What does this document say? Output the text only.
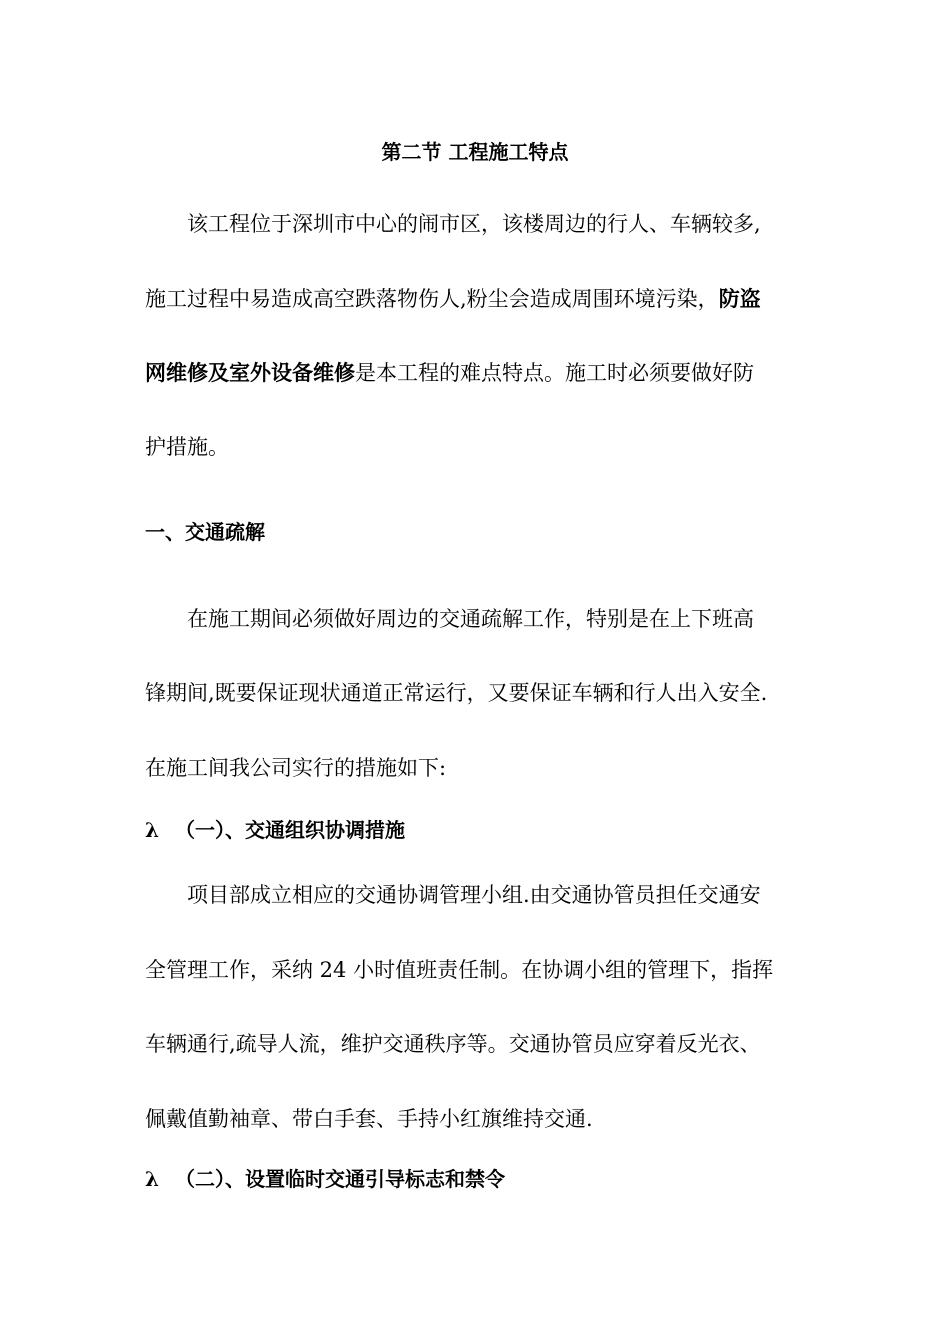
第二节 工程施工特点
该工程位于深圳市中心的闹市区，该楼周边的行人、车辆较多,
施工过程中易造成高空跌落物伤人,粉尘会造成周围环境污染，防盗
网维修及室外设备维修是本工程的难点特点。施工时必须要做好防
护措施。
一、交通疏解
在施工期间必须做好周边的交通疏解工作，特别是在上下班高
锋期间,既要保证现状通道正常运行，又要保证车辆和行人出入安全.
在施工间我公司实行的措施如下:
λ （一）、交通组织协调措施
项目部成立相应的交通协调管理小组.由交通协管员担任交通安
全管理工作，采纳 24 小时值班责任制。在协调小组的管理下，指挥
车辆通行,疏导人流，维护交通秩序等。交通协管员应穿着反光衣、
佩戴值勤袖章、带白手套、手持小红旗维持交通.
λ （二）、设置临时交通引导标志和禁令
